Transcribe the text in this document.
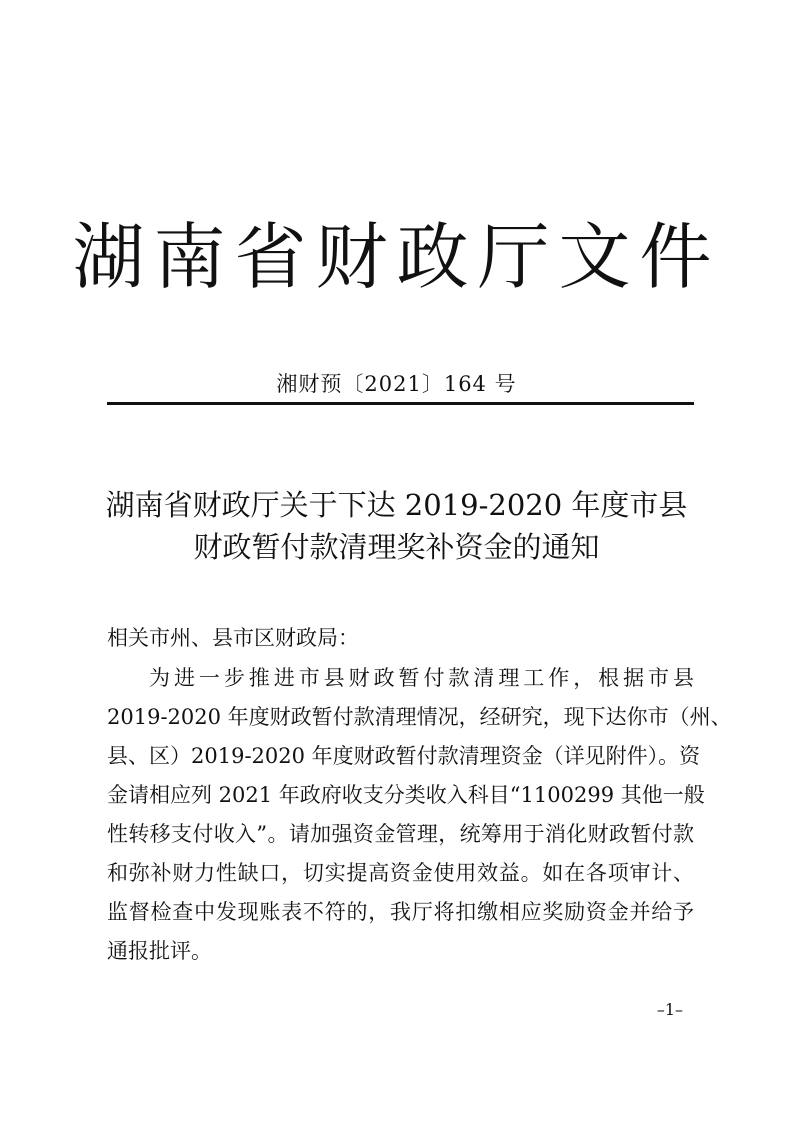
湖南省财政厅文件
湘财预〔2021〕164 号
湖南省财政厅关于下达 2019-2020 年度市县
财政暂付款清理奖补资金的通知
相关市州、县市区财政局：
为进一步推进市县财政暂付款清理工作，根据市县
2019-2020 年度财政暂付款清理情况，经研究，现下达你市（州、
县、区）2019-2020 年度财政暂付款清理资金（详见附件）。资
金请相应列 2021 年政府收支分类收入科目“1100299 其他一般
性转移支付收入”。请加强资金管理，统筹用于消化财政暂付款
和弥补财力性缺口，切实提高资金使用效益。如在各项审计、
监督检查中发现账表不符的，我厅将扣缴相应奖励资金并给予
通报批评。
–1–
